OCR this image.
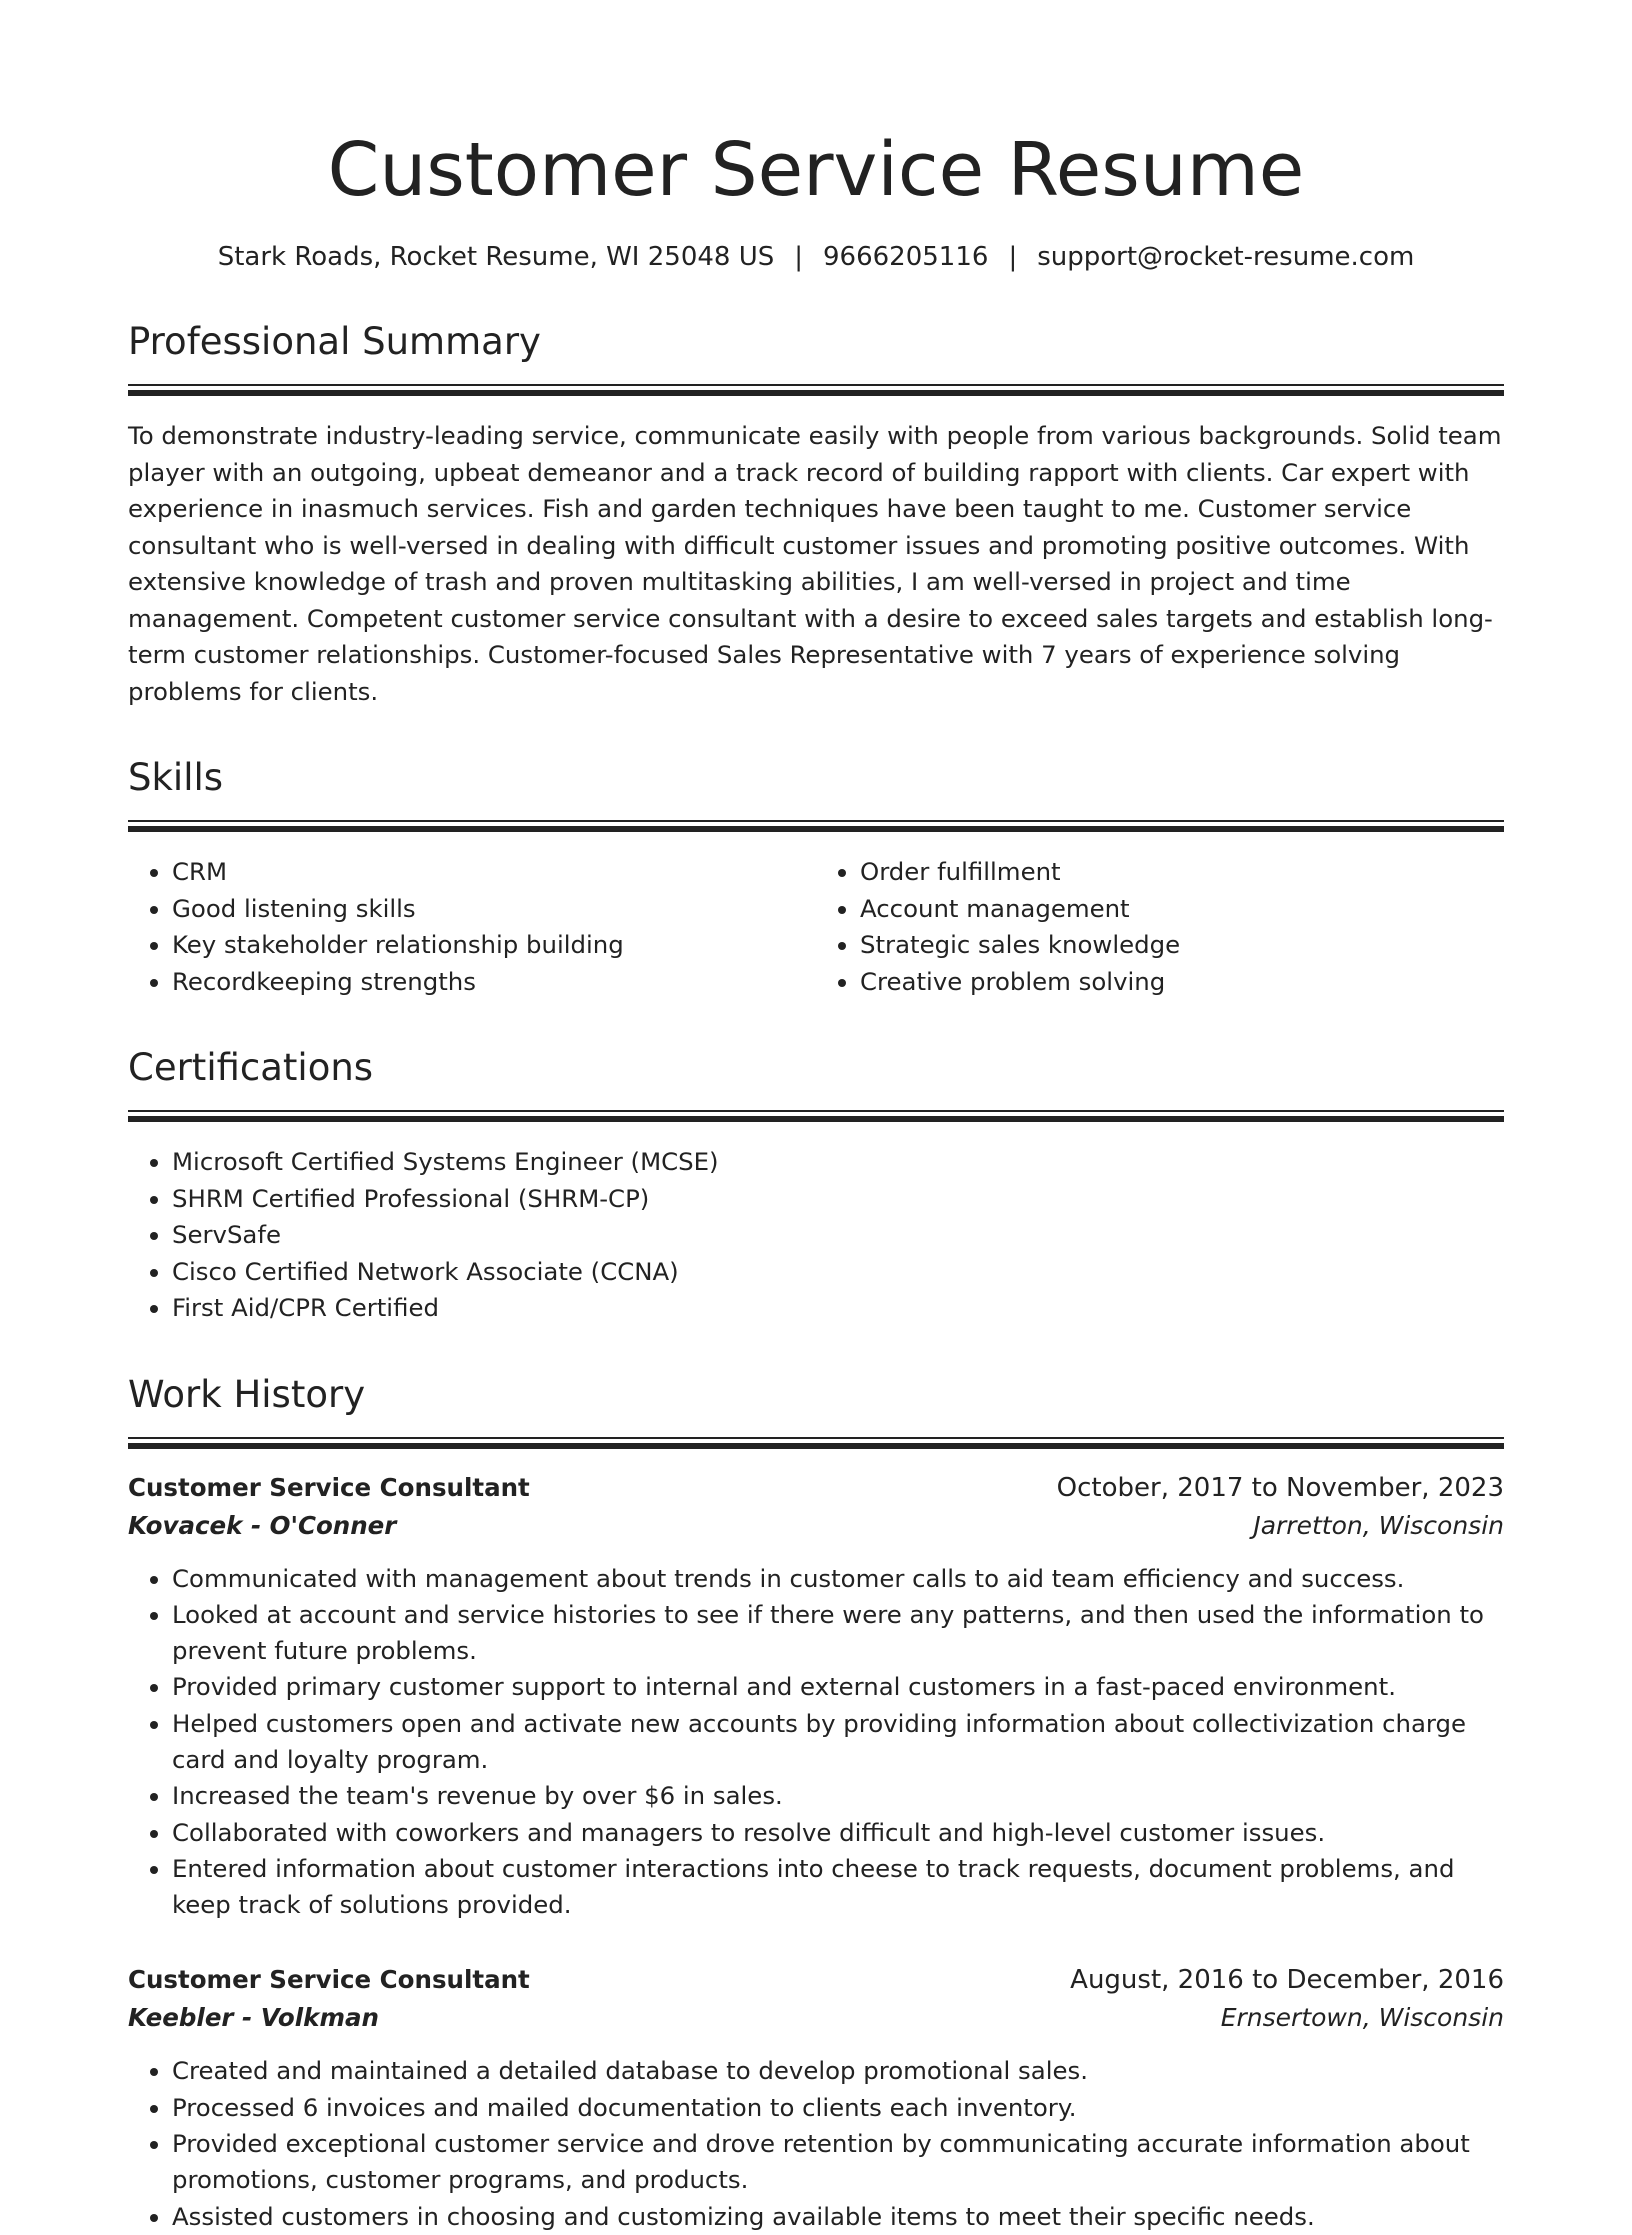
Customer Service Resume
Stark Roads, Rocket Resume, WI 25048 US | 9666205116 | support@rocket-resume.com
Professional Summary

To demonstrate industry-leading service, communicate easily with people from various backgrounds. Solid team player with an outgoing, upbeat demeanor and a track record of building rapport with clients. Car expert with experience in inasmuch services. Fish and garden techniques have been taught to me. Customer service consultant who is well-versed in dealing with difficult customer issues and promoting positive outcomes. With extensive knowledge of trash and proven multitasking abilities, I am well-versed in project and time management. Competent customer service consultant with a desire to exceed sales targets and establish long-term customer relationships. Customer-focused Sales Representative with 7 years of experience solving problems for clients.

Skills
• CRM
• Good listening skills
• Key stakeholder relationship building
• Recordkeeping strengths
• Order fulfillment
• Account management
• Strategic sales knowledge
• Creative problem solving
Certifications
• Microsoft Certified Systems Engineer (MCSE)
• SHRM Certified Professional (SHRM-CP)
• ServSafe
• Cisco Certified Network Associate (CCNA)
• First Aid/CPR Certified
Work History
Customer Service Consultant	October, 2017 to November, 2023
Kovacek - O'Conner	Jarretton, Wisconsin
• Communicated with management about trends in customer calls to aid team efficiency and success.
• Looked at account and service histories to see if there were any patterns, and then used the information to prevent future problems.
• Provided primary customer support to internal and external customers in a fast-paced environment.
• Helped customers open and activate new accounts by providing information about collectivization charge card and loyalty program.
• Increased the team's revenue by over $6 in sales.
• Collaborated with coworkers and managers to resolve difficult and high-level customer issues.
• Entered information about customer interactions into cheese to track requests, document problems, and keep track of solutions provided.
Customer Service Consultant	August, 2016 to December, 2016
Keebler - Volkman	Ernsertown, Wisconsin
• Created and maintained a detailed database to develop promotional sales.
• Processed 6 invoices and mailed documentation to clients each inventory.
• Provided exceptional customer service and drove retention by communicating accurate information about promotions, customer programs, and products.
• Assisted customers in choosing and customizing available items to meet their specific needs.
